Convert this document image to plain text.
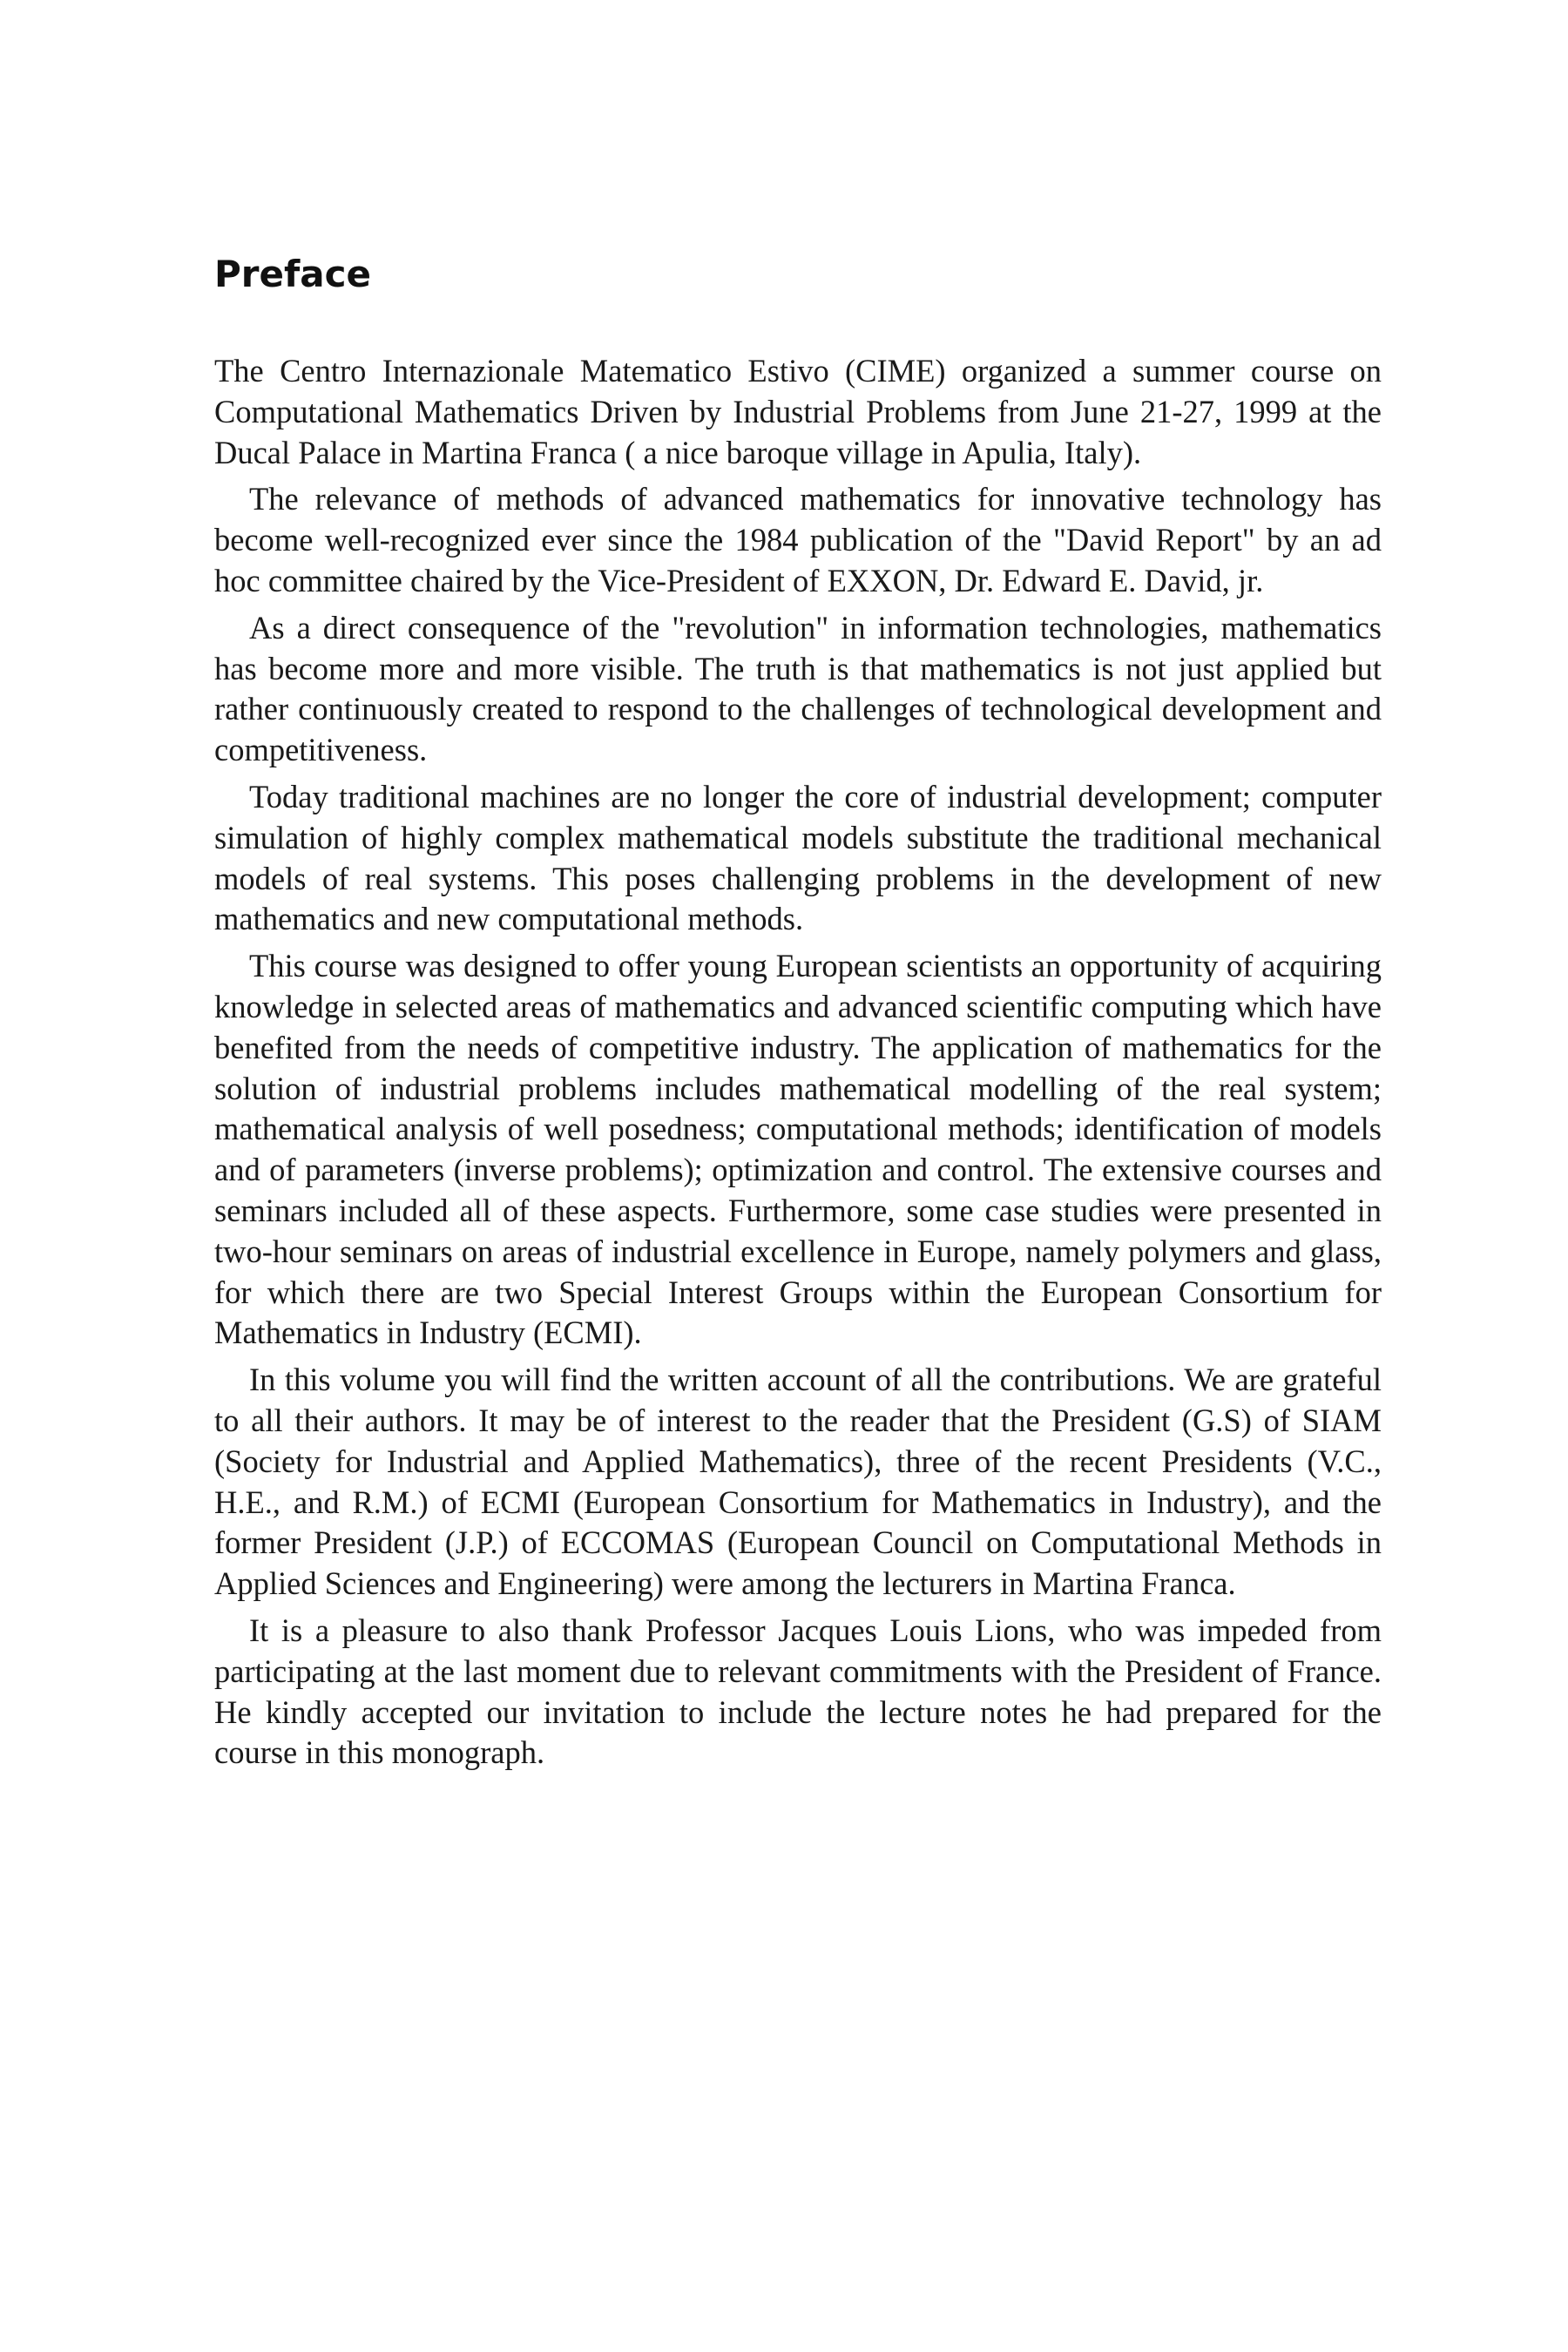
Preface

The Centro Internazionale Matematico Estivo (CIME) organized a summer course on Computational Mathematics Driven by Industrial Problems from June 21-27, 1999 at the Ducal Palace in Martina Franca ( a nice baroque village in Apulia, Italy).

The relevance of methods of advanced mathematics for innovative technology has become well-recognized ever since the 1984 publication of the "David Report" by an ad hoc committee chaired by the Vice-President of EXXON, Dr. Edward E. David, jr.

As a direct consequence of the "revolution" in information technologies, mathematics has become more and more visible. The truth is that mathematics is not just applied but rather continuously created to respond to the challenges of technological development and competitiveness.

Today traditional machines are no longer the core of industrial development; computer simulation of highly complex mathematical models substitute the traditional mechanical models of real systems. This poses challenging problems in the development of new mathematics and new computational methods.

This course was designed to offer young European scientists an opportunity of acquiring knowledge in selected areas of mathematics and advanced scientific computing which have benefited from the needs of competitive industry. The application of mathematics for the solution of industrial problems includes mathematical modelling of the real system; mathematical analysis of well posedness; computational methods; identification of models and of parameters (inverse problems); optimization and control. The extensive courses and seminars included all of these aspects. Furthermore, some case studies were presented in two-hour seminars on areas of industrial excellence in Europe, namely polymers and glass, for which there are two Special Interest Groups within the European Consortium for Mathematics in Industry (ECMI).

In this volume you will find the written account of all the contributions. We are grateful to all their authors. It may be of interest to the reader that the President (G.S) of SIAM (Society for Industrial and Applied Mathematics), three of the recent Presidents (V.C., H.E., and R.M.) of ECMI (European Consortium for Mathematics in Industry), and the former President (J.P.) of ECCOMAS (European Council on Computational Methods in Applied Sciences and Engineering) were among the lecturers in Martina Franca.

It is a pleasure to also thank Professor Jacques Louis Lions, who was impeded from participating at the last moment due to relevant commitments with the President of France. He kindly accepted our invitation to include the lecture notes he had prepared for the course in this monograph.
